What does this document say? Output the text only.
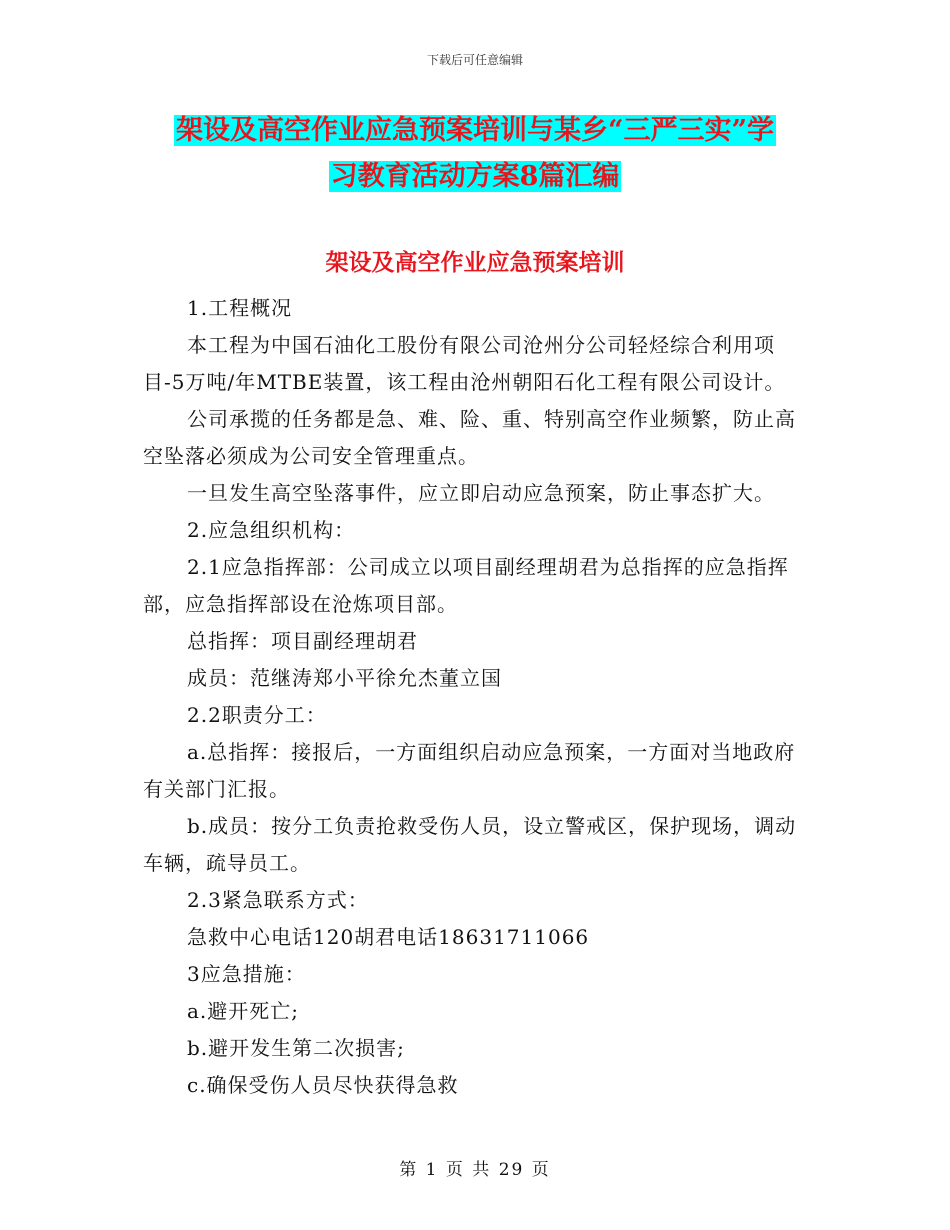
下载后可任意编辑
架设及高空作业应急预案培训与某乡“三严三实”学
习教育活动方案8篇汇编
架设及高空作业应急预案培训

1.工程概况

本工程为中国石油化工股份有限公司沧州分公司轻烃综合利用项目-5万吨/年MTBE装置，该工程由沧州朝阳石化工程有限公司设计。

公司承揽的任务都是急、难、险、重、特别高空作业频繁，防止高空坠落必须成为公司安全管理重点。

一旦发生高空坠落事件，应立即启动应急预案，防止事态扩大。

2.应急组织机构：

2.1应急指挥部：公司成立以项目副经理胡君为总指挥的应急指挥部，应急指挥部设在沧炼项目部。

总指挥：项目副经理胡君

成员：范继涛郑小平徐允杰董立国

2.2职责分工：

a.总指挥：接报后，一方面组织启动应急预案，一方面对当地政府有关部门汇报。

b.成员：按分工负责抢救受伤人员，设立警戒区，保护现场，调动车辆，疏导员工。

2.3紧急联系方式：

急救中心电话120胡君电话18631711066

3应急措施：

a.避开死亡;

b.避开发生第二次损害;

c.确保受伤人员尽快获得急救

第 1 页 共 29 页
